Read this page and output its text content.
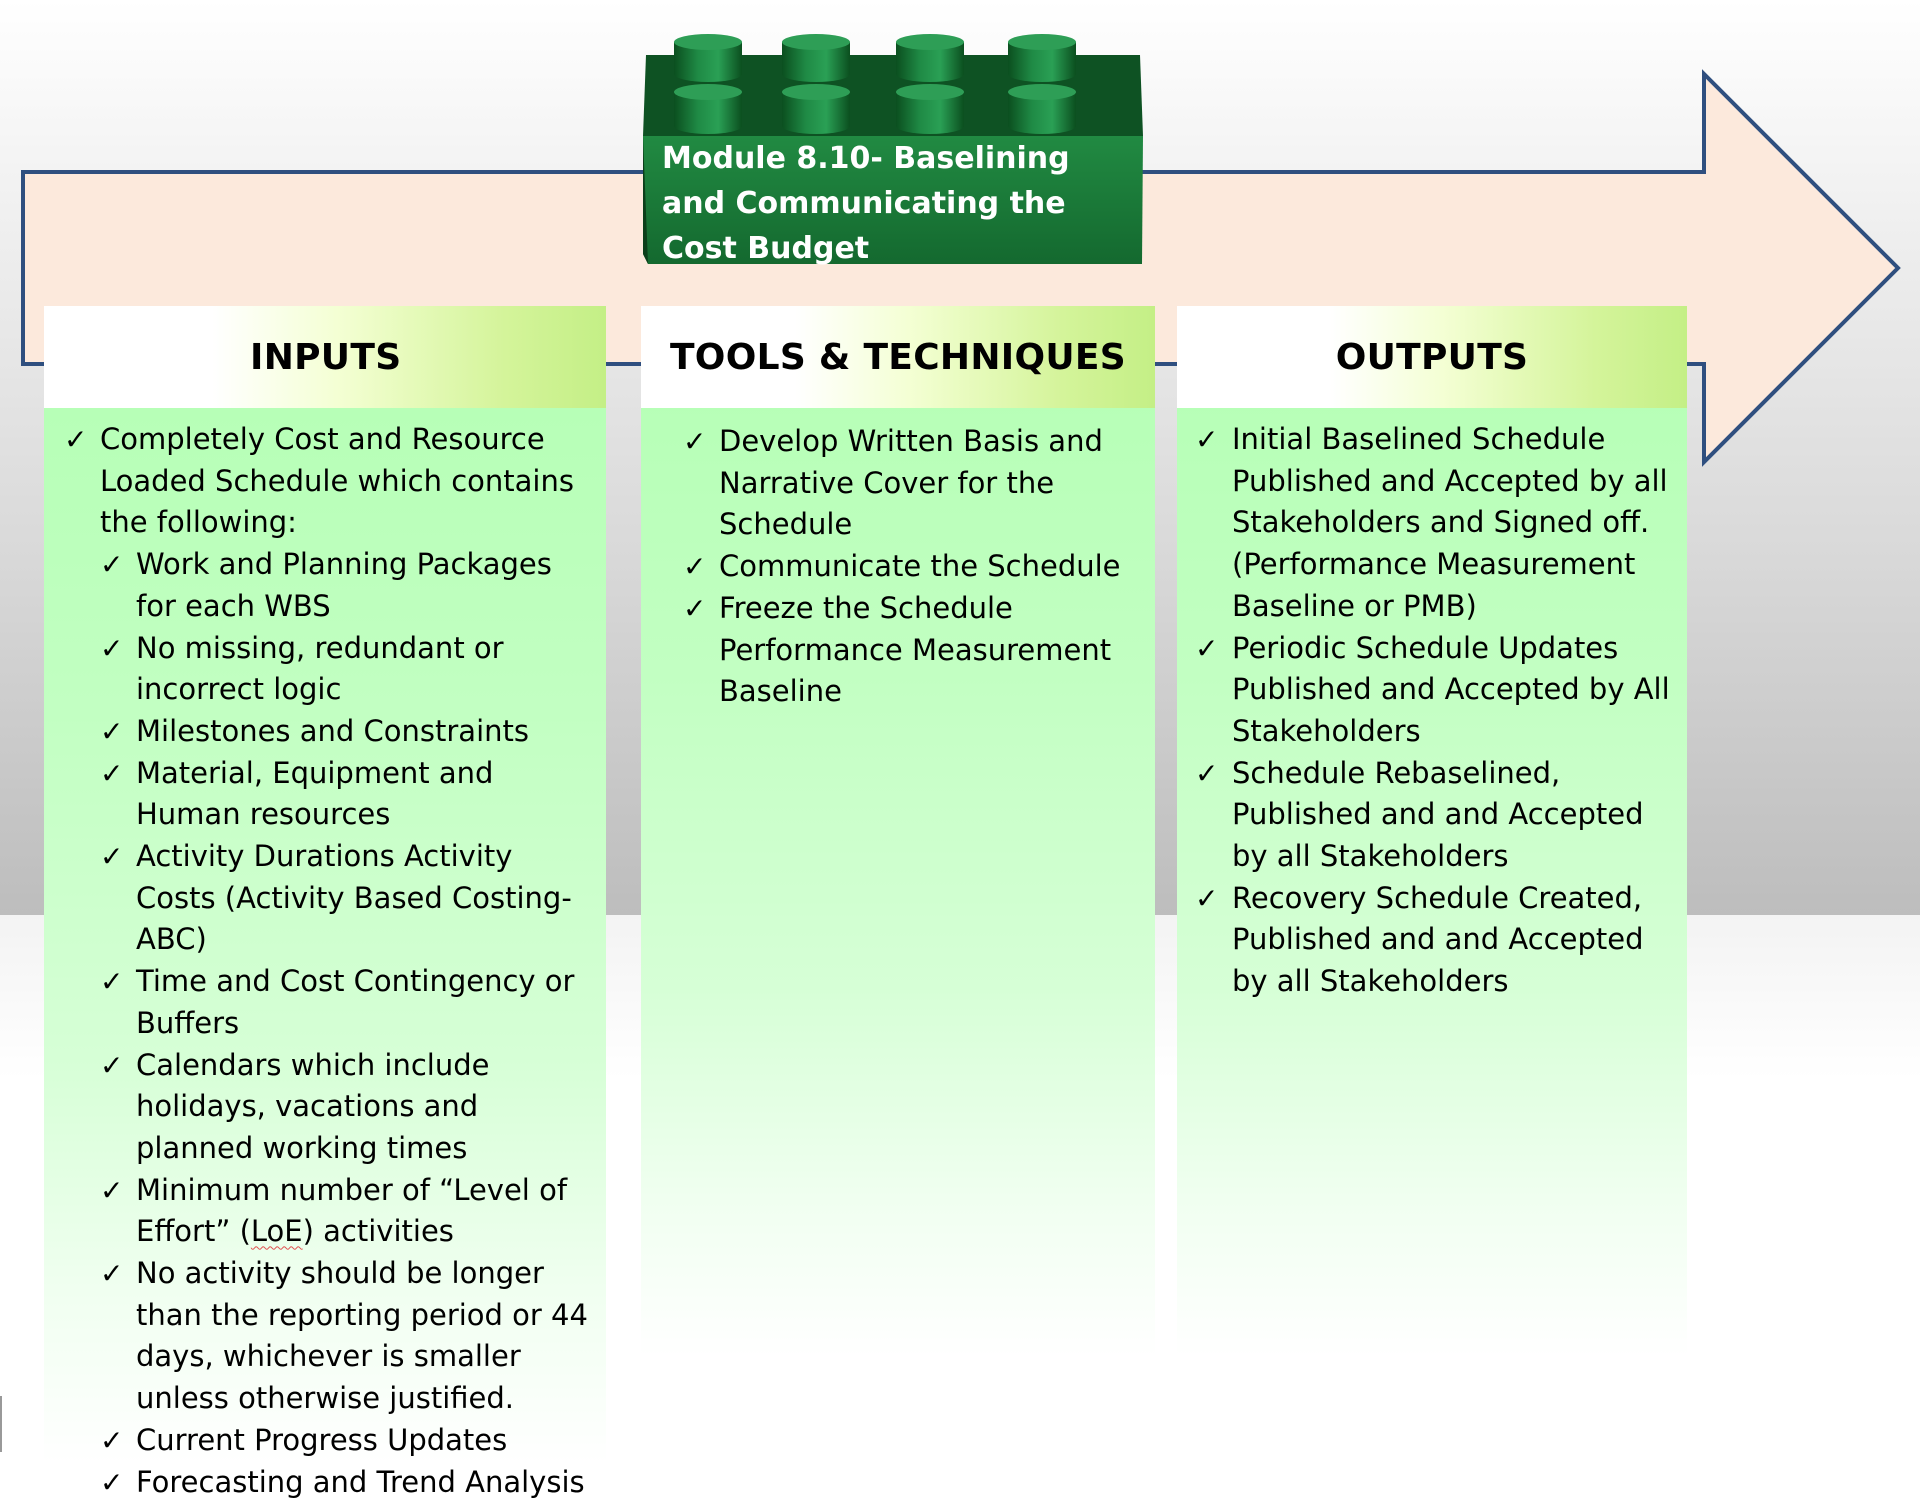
INPUTS
✓ Completely Cost and Resource Loaded Schedule which contains the following:
✓ Work and Planning Packages for each WBS
✓ No missing, redundant or incorrect logic
✓ Milestones and Constraints
✓ Material, Equipment and Human resources
✓ Activity Durations Activity Costs (Activity Based Costing- ABC)
✓ Time and Cost Contingency or Buffers
✓ Calendars which include holidays, vacations and planned working times
✓ Minimum number of “Level of Effort” (LoE) activities
✓ No activity should be longer than the reporting period or 44 days, whichever is smaller unless otherwise justified.
✓ Current Progress Updates
✓ Forecasting and Trend Analysis
TOOLS & TECHNIQUES
✓ Develop Written Basis and Narrative Cover for the Schedule
✓ Communicate the Schedule
✓ Freeze the Schedule Performance Measurement Baseline
OUTPUTS
✓ Initial Baselined Schedule Published and Accepted by all Stakeholders and Signed off. (Performance Measurement Baseline or PMB)
✓ Periodic Schedule Updates Published and Accepted by All Stakeholders
✓ Schedule Rebaselined, Published and and Accepted by all Stakeholders
✓ Recovery Schedule Created, Published and and Accepted by all Stakeholders
Module 8.10- Baselining and Communicating the Cost Budget
